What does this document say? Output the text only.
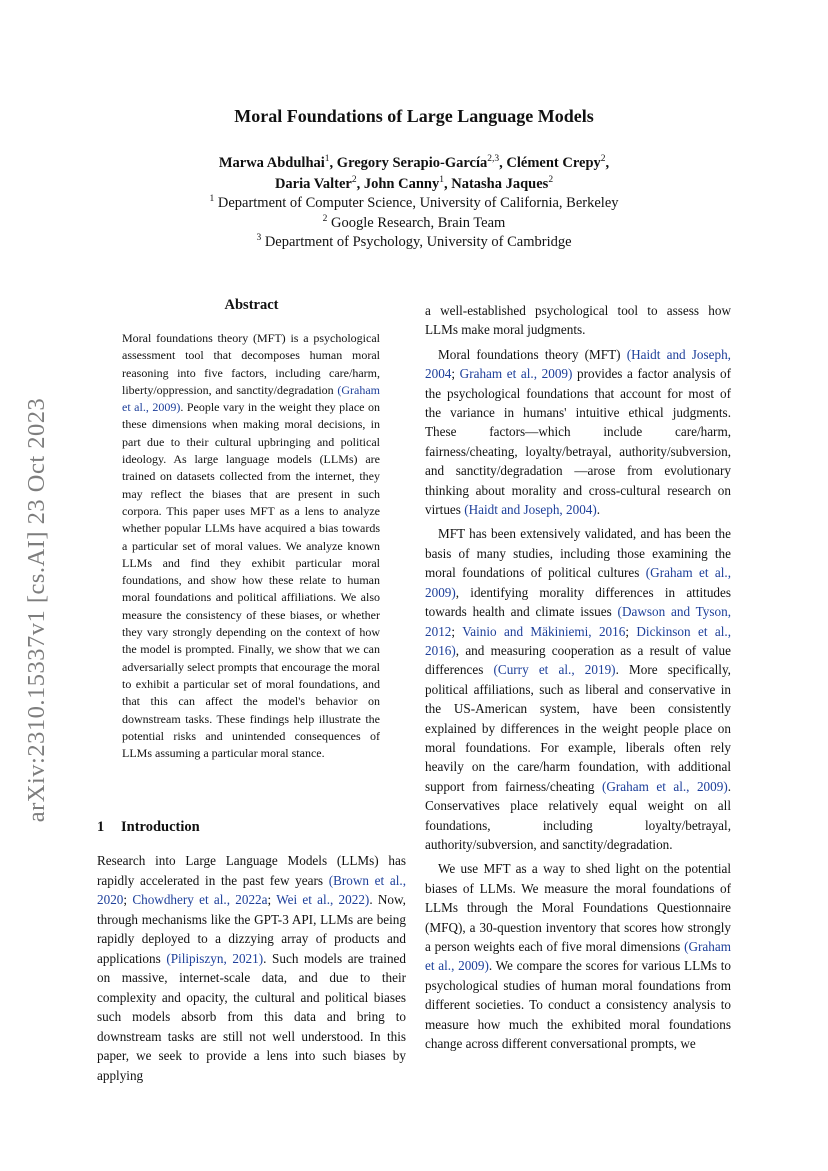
arXiv:2310.15337v1 [cs.AI] 23 Oct 2023
Moral Foundations of Large Language Models
Marwa Abdulhai$^1$, Gregory Serapio-García$^{2,3}$, Clément Crepy$^2$,
Daria Valter$^2$, John Canny$^1$, Natasha Jaques$^2$
$^1$ Department of Computer Science, University of California, Berkeley
$^2$ Google Research, Brain Team
$^3$ Department of Psychology, University of Cambridge
Abstract
Moral foundations theory (MFT) is a psychological assessment tool that decomposes human moral reasoning into five factors, including care/harm, liberty/oppression, and sanctity/degradation (Graham et al., 2009). People vary in the weight they place on these dimensions when making moral decisions, in part due to their cultural upbringing and political ideology. As large language models (LLMs) are trained on datasets collected from the internet, they may reflect the biases that are present in such corpora. This paper uses MFT as a lens to analyze whether popular LLMs have acquired a bias towards a particular set of moral values. We analyze known LLMs and find they exhibit particular moral foundations, and show how these relate to human moral foundations and political affiliations. We also measure the consistency of these biases, or whether they vary strongly depending on the context of how the model is prompted. Finally, we show that we can adversarially select prompts that encourage the moral to exhibit a particular set of moral foundations, and that this can affect the model's behavior on downstream tasks. These findings help illustrate the potential risks and unintended consequences of LLMs assuming a particular moral stance.
1 Introduction

Research into Large Language Models (LLMs) has rapidly accelerated in the past few years (Brown et al., 2020; Chowdhery et al., 2022a; Wei et al., 2022). Now, through mechanisms like the GPT-3 API, LLMs are being rapidly deployed to a dizzying array of products and applications (Pilipiszyn, 2021). Such models are trained on massive, internet-scale data, and due to their complexity and opacity, the cultural and political biases such models absorb from this data and bring to downstream tasks are still not well understood. In this paper, we seek to provide a lens into such biases by applying

a well-established psychological tool to assess how LLMs make moral judgments.

Moral foundations theory (MFT) (Haidt and Joseph, 2004; Graham et al., 2009) provides a factor analysis of the psychological foundations that account for most of the variance in humans' intuitive ethical judgments. These factors—which include care/harm, fairness/cheating, loyalty/betrayal, authority/subversion, and sanctity/degradation —arose from evolutionary thinking about morality and cross-cultural research on virtues (Haidt and Joseph, 2004).

MFT has been extensively validated, and has been the basis of many studies, including those examining the moral foundations of political cultures (Graham et al., 2009), identifying morality differences in attitudes towards health and climate issues (Dawson and Tyson, 2012; Vainio and Mäkiniemi, 2016; Dickinson et al., 2016), and measuring cooperation as a result of value differences (Curry et al., 2019). More specifically, political affiliations, such as liberal and conservative in the US-American system, have been consistently explained by differences in the weight people place on moral foundations. For example, liberals often rely heavily on the care/harm foundation, with additional support from fairness/cheating (Graham et al., 2009). Conservatives place relatively equal weight on all foundations, including loyalty/betrayal, authority/subversion, and sanctity/degradation.

We use MFT as a way to shed light on the potential biases of LLMs. We measure the moral foundations of LLMs through the Moral Foundations Questionnaire (MFQ), a 30-question inventory that scores how strongly a person weights each of five moral dimensions (Graham et al., 2009). We compare the scores for various LLMs to psychological studies of human moral foundations from different societies. To conduct a consistency analysis to measure how much the exhibited moral foundations change across different conversational prompts, we
